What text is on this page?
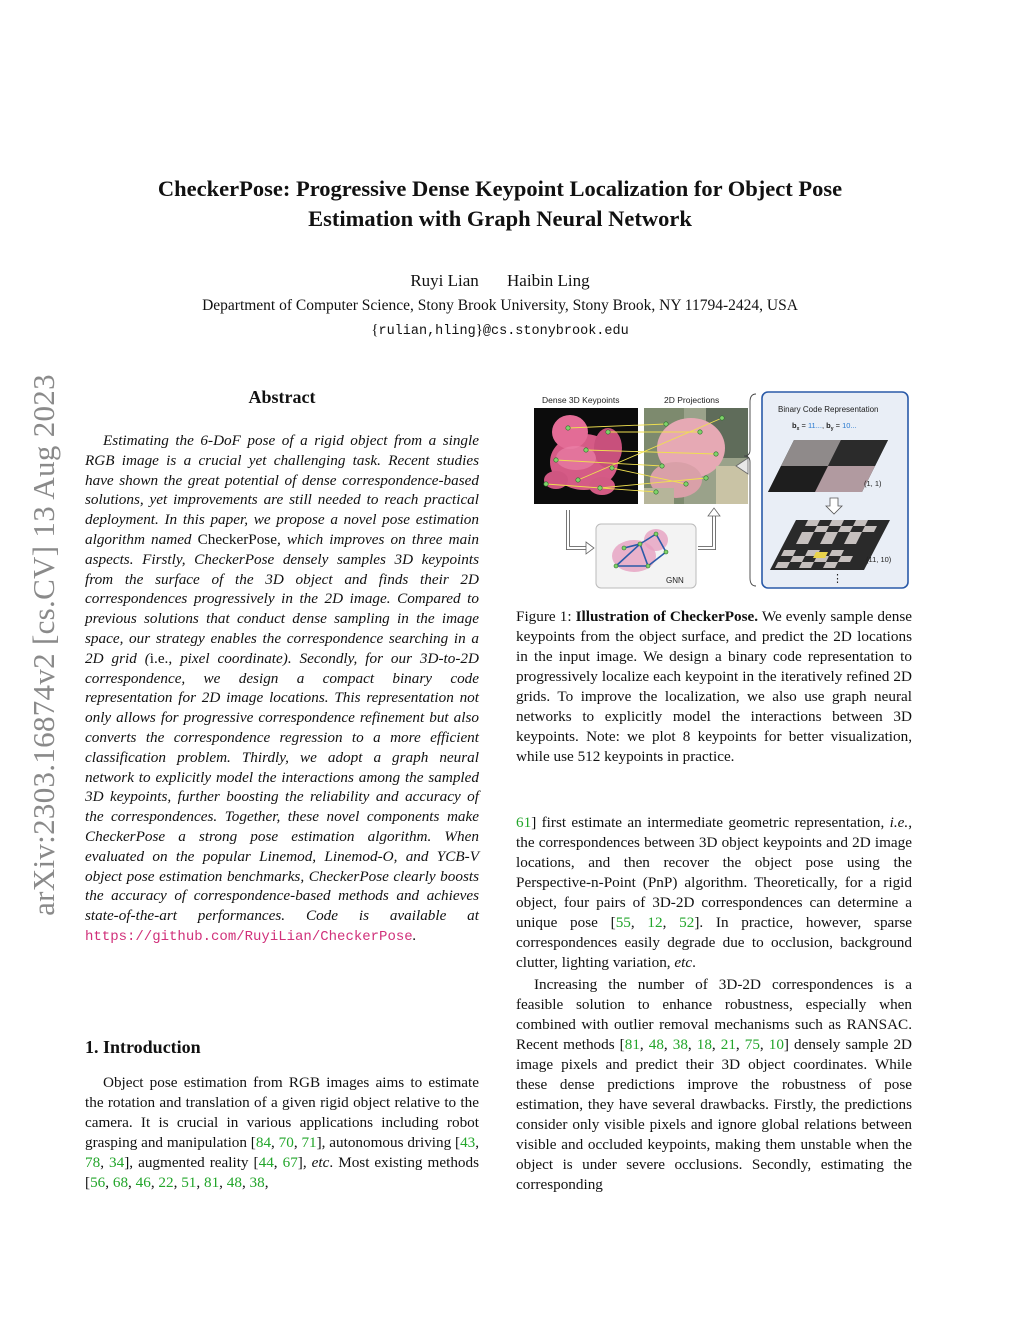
arXiv:2303.16874v2 [cs.CV] 13 Aug 2023
CheckerPose: Progressive Dense Keypoint Localization for Object Pose
Estimation with Graph Neural Network
Ruyi Lian Haibin Ling
Department of Computer Science, Stony Brook University, Stony Brook, NY 11794-2424, USA
{rulian,hling}@cs.stonybrook.edu
Abstract

Estimating the 6-DoF pose of a rigid object from a single RGB image is a crucial yet challenging task. Recent studies have shown the great potential of dense correspondence-based solutions, yet improvements are still needed to reach practical deployment. In this paper, we propose a novel pose estimation algorithm named CheckerPose, which improves on three main aspects. Firstly, CheckerPose densely samples 3D keypoints from the surface of the 3D object and finds their 2D correspondences progressively in the 2D image. Compared to previous solutions that conduct dense sampling in the image space, our strategy enables the correspondence searching in a 2D grid (i.e., pixel coordinate). Secondly, for our 3D-to-2D correspondence, we design a compact binary code representation for 2D image locations. This representation not only allows for progressive correspondence refinement but also converts the correspondence regression to a more efficient classification problem. Thirdly, we adopt a graph neural network to explicitly model the interactions among the sampled 3D keypoints, further boosting the reliability and accuracy of the correspondences. Together, these novel components make CheckerPose a strong pose estimation algorithm. When evaluated on the popular Linemod, Linemod-O, and YCB-V object pose estimation benchmarks, CheckerPose clearly boosts the accuracy of correspondence-based methods and achieves state-of-the-art performances. Code is available at https://github.com/RuyiLian/CheckerPose.

1. Introduction

Object pose estimation from RGB images aims to estimate the rotation and translation of a given rigid object relative to the camera. It is crucial in various applications including robot grasping and manipulation [84, 70, 71], autonomous driving [43, 78, 34], augmented reality [44, 67], etc. Most existing methods [56, 68, 46, 22, 51, 81, 48, 38,

Dense 3D Keypoints	2D Projections
Binary Code Representation
$b_x = 11$..., $b_y = 10$...
(1, 1)
(11, 10)
⋮
GNN
Figure 1: Illustration of CheckerPose. We evenly sample dense keypoints from the object surface, and predict the 2D locations in the input image. We design a binary code representation to progressively localize each keypoint in the iteratively refined 2D grids. To improve the localization, we also use graph neural networks to explicitly model the interactions between 3D keypoints. Note: we plot 8 keypoints for better visualization, while use 512 keypoints in practice.

61] first estimate an intermediate geometric representation, i.e., the correspondences between 3D object keypoints and 2D image locations, and then recover the object pose using the Perspective-n-Point (PnP) algorithm. Theoretically, for a rigid object, four pairs of 3D-2D correspondences can determine a unique pose [55, 12, 52]. In practice, however, sparse correspondences easily degrade due to occlusion, background clutter, lighting variation, etc.

Increasing the number of 3D-2D correspondences is a feasible solution to enhance robustness, especially when combined with outlier removal mechanisms such as RANSAC. Recent methods [81, 48, 38, 18, 21, 75, 10] densely sample 2D image pixels and predict their 3D object coordinates. While these dense predictions improve the robustness of pose estimation, they have several drawbacks. Firstly, the predictions consider only visible pixels and ignore global relations between visible and occluded keypoints, making them unstable when the object is under severe occlusions. Secondly, estimating the corresponding
